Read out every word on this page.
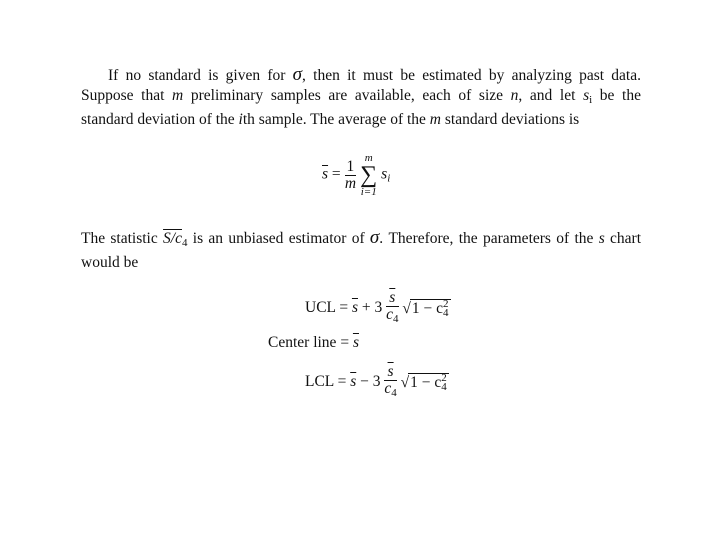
If no standard is given for σ, then it must be estimated by analyzing past data. Suppose that m preliminary samples are available, each of size n, and let $s_i$ be the standard deviation of the ith sample. The average of the m standard deviations is
$\overline{s} = \frac{1}{m}$

m
∑
i=1
$s_i$
The statistic $S/c_4$ is an unbiased estimator of σ. Therefore, the parameters of the s chart would be
UCL = $\overline{s} + 3 \frac{\overline{s}}{c_4} √1 - c$ 2
4
Center line = $\overline{s}$
LCL = $\overline{s} - 3 \frac{\overline{s}}{c_4} √1 - c$ 2
4
